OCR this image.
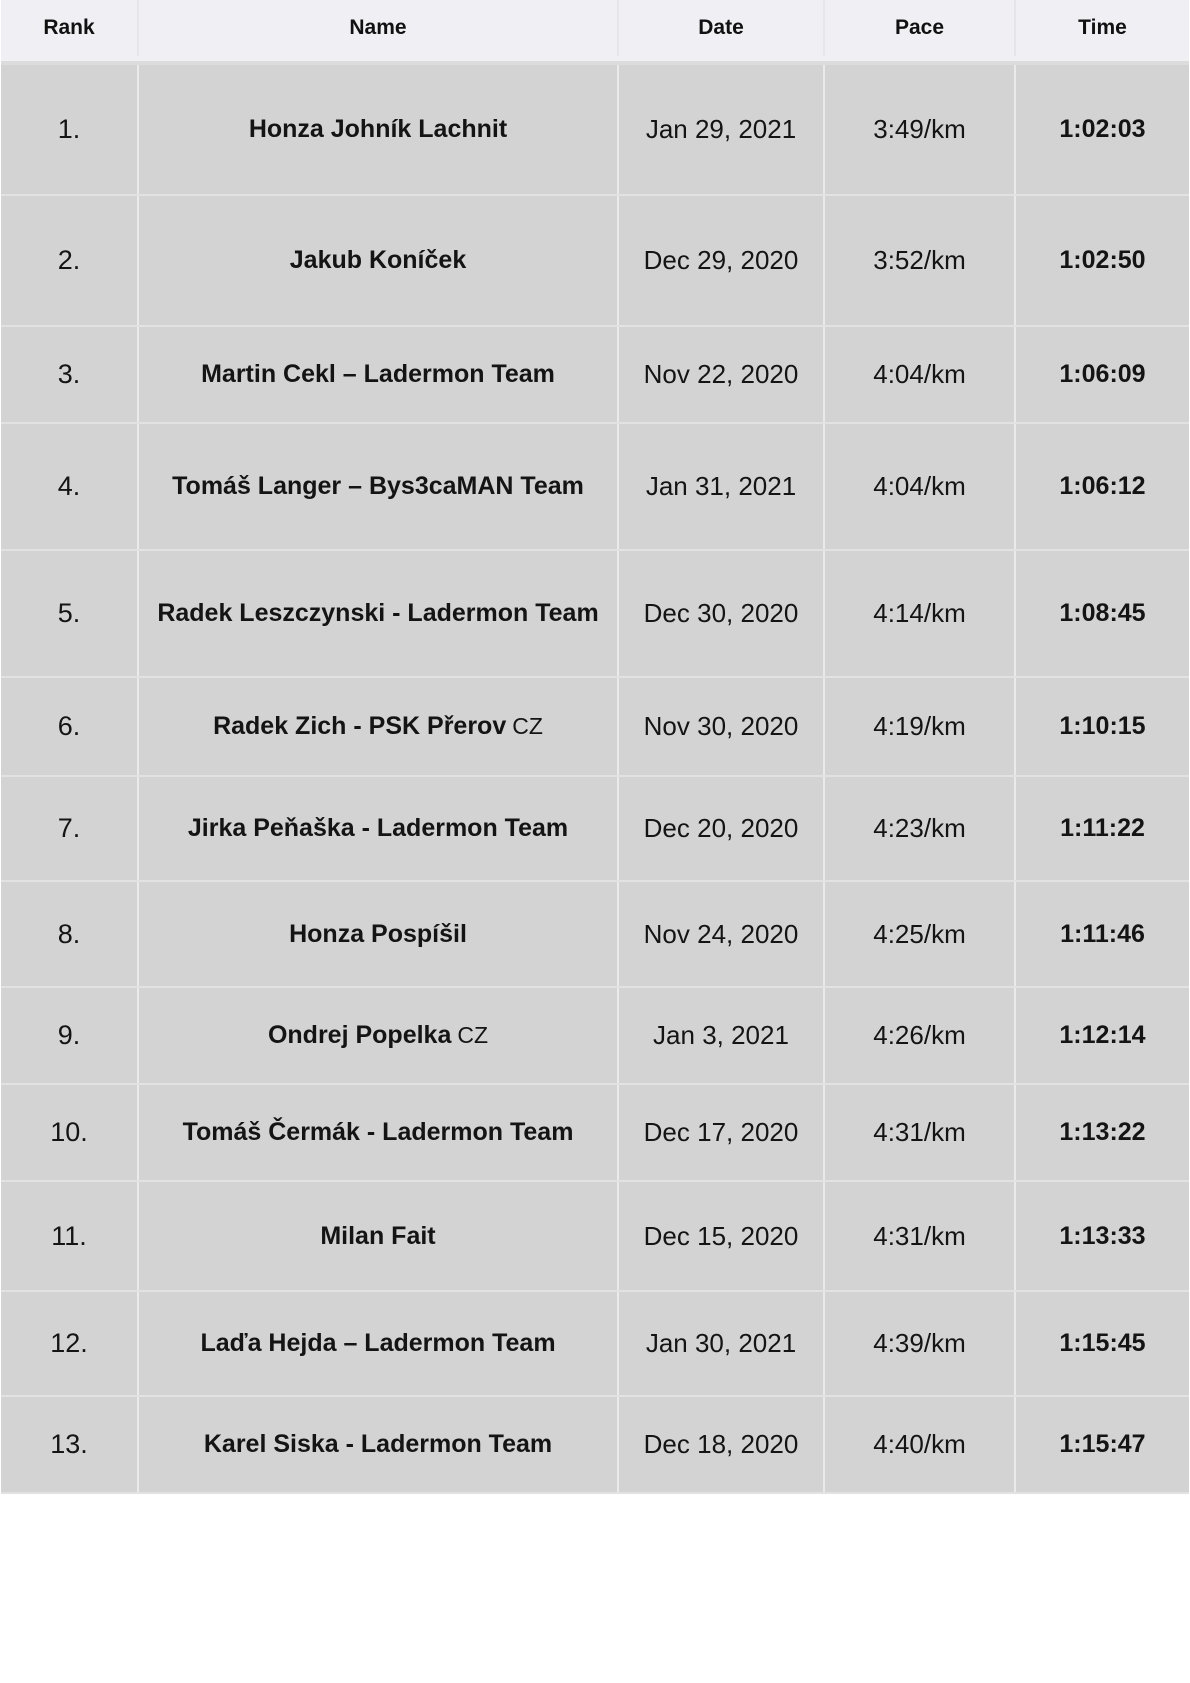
Rank	Name	Date	Pace	Time
1.	Honza Johník Lachnit	Jan 29, 2021	3:49/km	1:02:03
2.	Jakub Koníček	Dec 29, 2020	3:52/km	1:02:50
3.	Martin Cekl – Ladermon Team	Nov 22, 2020	4:04/km	1:06:09
4.	Tomáš Langer – Bys3caMAN Team	Jan 31, 2021	4:04/km	1:06:12
5.	Radek Leszczynski - Ladermon Team	Dec 30, 2020	4:14/km	1:08:45
6.	Radek Zich - PSK Přerov CZ	Nov 30, 2020	4:19/km	1:10:15
7.	Jirka Peňaška - Ladermon Team	Dec 20, 2020	4:23/km	1:11:22
8.	Honza Pospíšil	Nov 24, 2020	4:25/km	1:11:46
9.	Ondrej Popelka CZ	Jan 3, 2021	4:26/km	1:12:14
10.	Tomáš Čermák - Ladermon Team	Dec 17, 2020	4:31/km	1:13:22
11.	Milan Fait	Dec 15, 2020	4:31/km	1:13:33
12.	Laďa Hejda – Ladermon Team	Jan 30, 2021	4:39/km	1:15:45
13.	Karel Siska - Ladermon Team	Dec 18, 2020	4:40/km	1:15:47
